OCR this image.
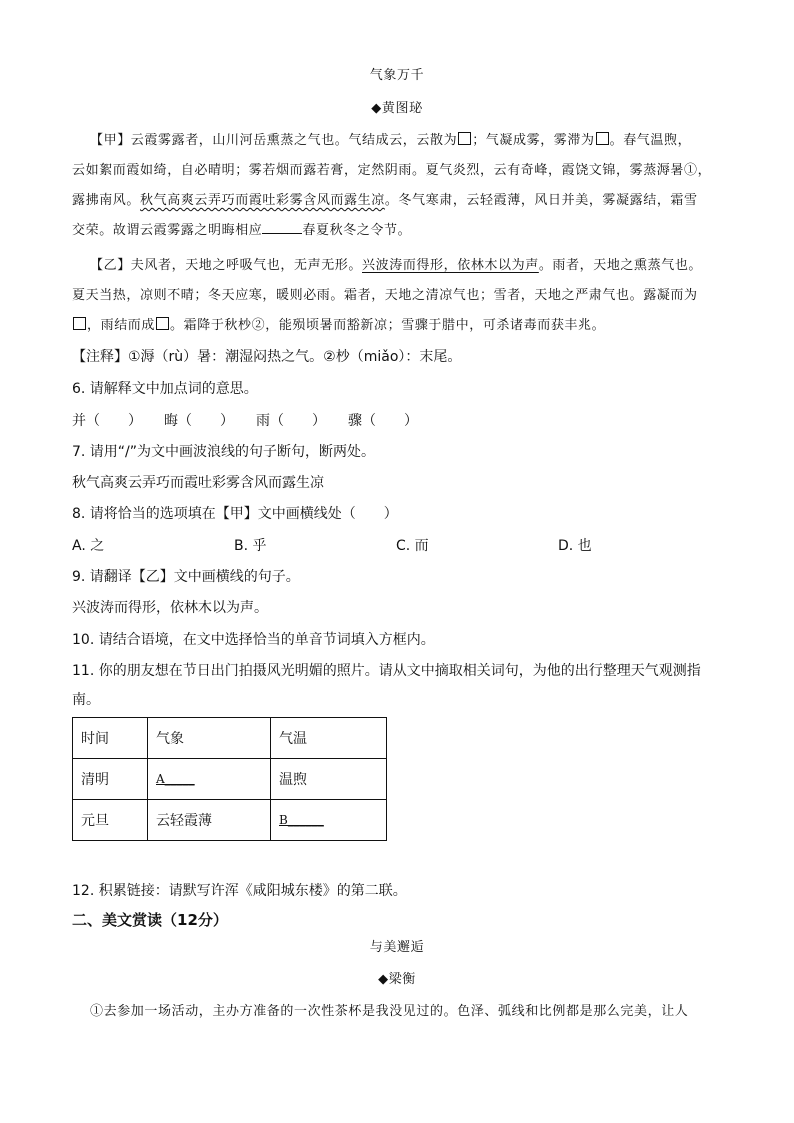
气象万千
◆黄图珌
【甲】云霞雾露者，山川河岳熏蒸之气也。气结成云，云散为 ；气凝成雾，雾滞为 。春气温煦，
云如絮而霞如绮，自必晴明；雾若烟而露若膏，定然阴雨。夏气炎烈，云有奇峰，霞饶文锦，雾蒸溽暑①，
露拂南风。秋气高爽云弄巧而霞吐彩雾含风而露生凉。冬气寒肃，云轻霞薄，风日并美，雾凝露结，霜雪
交荣。故谓云霞雾露之明晦相应	春夏秋冬之令节。
【乙】夫风者，天地之呼吸气也，无声无形。兴波涛而得形，依林木以为声。雨者，天地之熏蒸气也。
夏天当热，凉则不晴；冬天应寒，暖则必雨。霜者，天地之清凉气也；雪者，天地之严肃气也。露凝而为
，雨结而成 。霜降于秋杪②，能殒顷暑而豁新凉；雪骤于腊中，可杀诸毒而获丰兆。
【注释】①溽（rù）暑：潮湿闷热之气。②杪（miǎo）：末尾。
6. 请解释文中加点词的意思。
并（　　） 晦（　　） 雨（　　） 骤（　　）
7. 请用“/”为文中画波浪线的句子断句，断两处。
秋气高爽云弄巧而霞吐彩雾含风而露生凉
8. 请将恰当的选项填在【甲】文中画横线处（　　）
A. 之	B. 乎	C. 而	D. 也
9. 请翻译【乙】文中画横线的句子。
兴波涛而得形，依林木以为声。
10. 请结合语境，在文中选择恰当的单音节词填入方框内。
11. 你的朋友想在节日出门拍摄风光明媚的照片。请从文中摘取相关词句，为他的出行整理天气观测指
南。
时间	气象	气温
清明	A_____	温煦
元旦	云轻霞薄	B______
12. 积累链接：请默写许浑《咸阳城东楼》的第二联。
二、美文赏读（12分）
与美邂逅
◆梁衡
①去参加一场活动，主办方准备的一次性茶杯是我没见过的。色泽、弧线和比例都是那么完美，让人
